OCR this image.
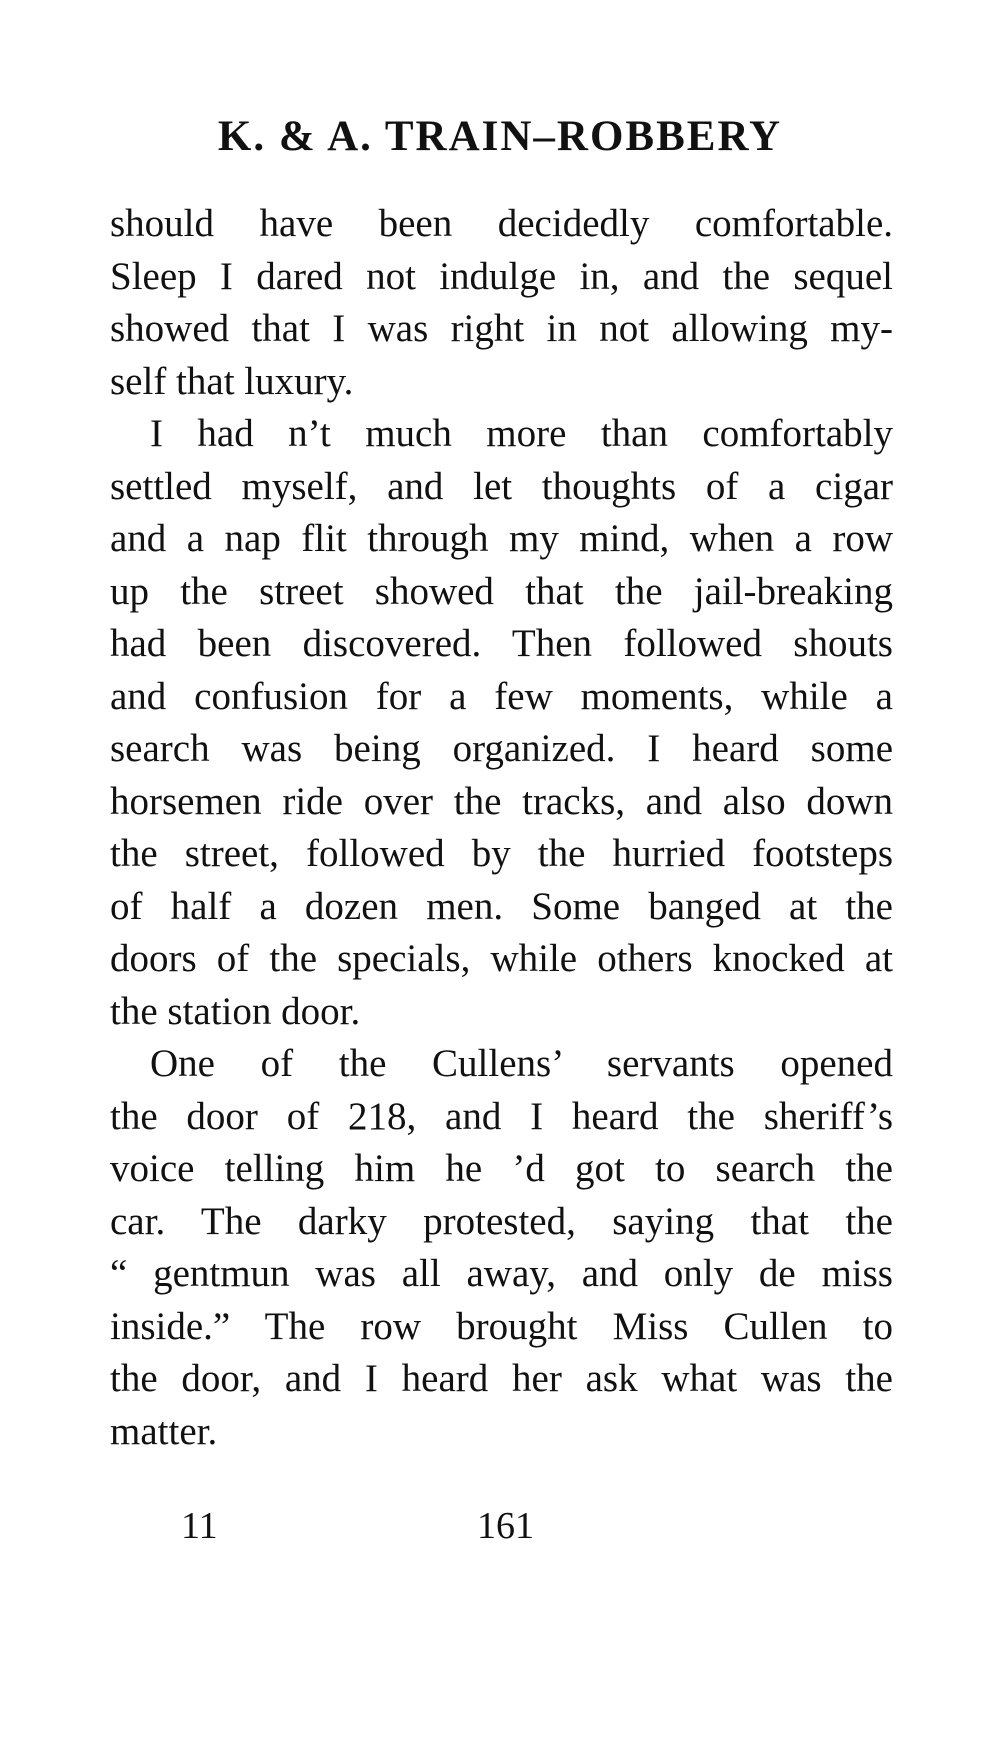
K. & A. TRAIN–ROBBERY

should have been decidedly comfortable.
Sleep I dared not indulge in, and the sequel
showed that I was right in not allowing my-
self that luxury.

I had n’t much more than comfortably
settled myself, and let thoughts of a cigar
and a nap flit through my mind, when a row
up the street showed that the jail-breaking
had been discovered. Then followed shouts
and confusion for a few moments, while a
search was being organized. I heard some
horsemen ride over the tracks, and also down
the street, followed by the hurried footsteps
of half a dozen men. Some banged at the
doors of the specials, while others knocked at
the station door.

One of the Cullens’ servants opened
the door of 218, and I heard the sheriff’s
voice telling him he ’d got to search the
car. The darky protested, saying that the
“ gentmun was all away, and only de miss
inside.” The row brought Miss Cullen to
the door, and I heard her ask what was the
matter.

11	161
